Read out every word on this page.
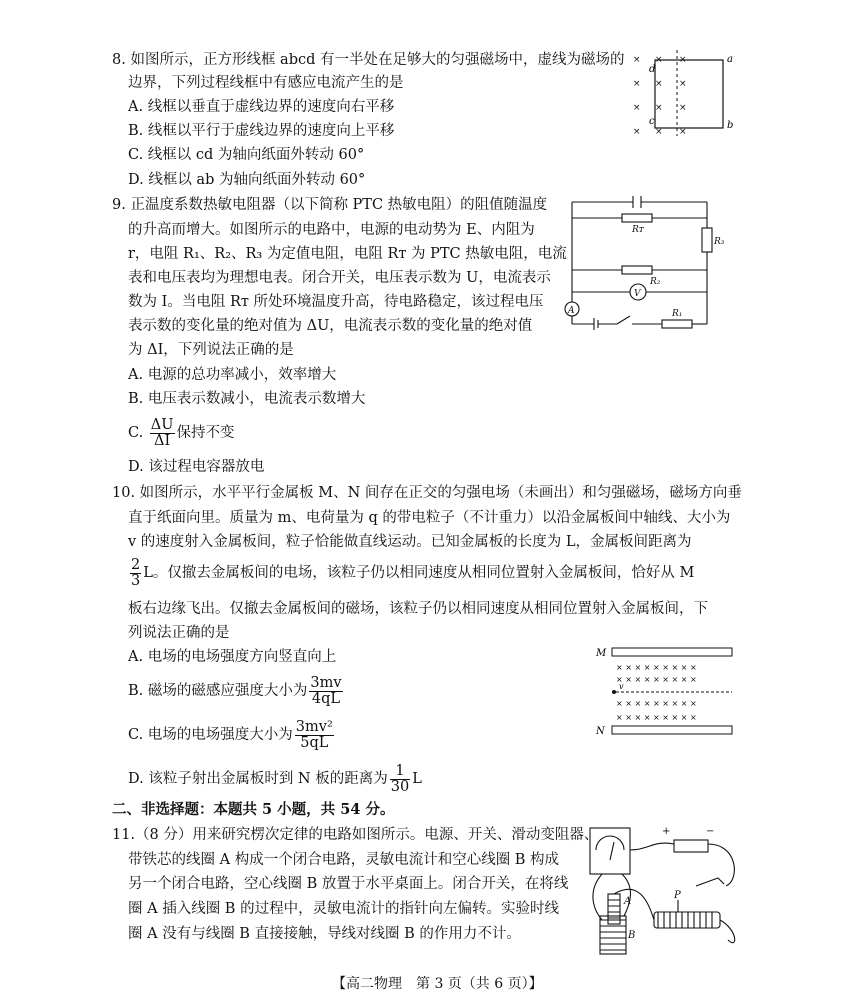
8. 如图所示，正方形线框 abcd 有一半处在足够大的匀强磁场中，虚线为磁场的
边界，下列过程线框中有感应电流产生的是
A. 线框以垂直于虚线边界的速度向右平移
B. 线框以平行于虚线边界的速度向上平移
C. 线框以 cd 为轴向纸面外转动 60°
D. 线框以 ab 为轴向纸面外转动 60°
× × ×
× × ×
× × ×
× × ×
a
b
c
d
9. 正温度系数热敏电阻器（以下简称 PTC 热敏电阻）的阻值随温度
的升高而增大。如图所示的电路中，电源的电动势为 E、内阻为
r，电阻 R₁、R₂、R₃ 为定值电阻，电阻 Rᴛ 为 PTC 热敏电阻，电流
表和电压表均为理想电表。闭合开关，电压表示数为 U，电流表示
数为 I。当电阻 Rᴛ 所处环境温度升高，待电路稳定，该过程电压
表示数的变化量的绝对值为 ΔU，电流表示数的变化量的绝对值
为 ΔI，下列说法正确的是
A. 电源的总功率减小，效率增大
B. 电压表示数减小，电流表示数增大
C. $\frac{\Delta U}{\Delta I}$ 保持不变
D. 该过程电容器放电
Rᴛ
R₃
R₂
R₁
V
A
10. 如图所示，水平平行金属板 M、N 间存在正交的匀强电场（未画出）和匀强磁场，磁场方向垂
直于纸面向里。质量为 m、电荷量为 q 的带电粒子（不计重力）以沿金属板间中轴线、大小为
v 的速度射入金属板间，粒子恰能做直线运动。已知金属板的长度为 L，金属板间距离为
$\frac{2}{3}$ L。仅撤去金属板间的电场，该粒子仍以相同速度从相同位置射入金属板间，恰好从 M
板右边缘飞出。仅撤去金属板间的磁场，该粒子仍以相同速度从相同位置射入金属板间，下
列说法正确的是
A. 电场的电场强度方向竖直向上
B. 磁场的磁感应强度大小为 $\frac{3mv}{4qL}$
C. 电场的电场强度大小为 $\frac{\text{3mv²}}{5qL}$
D. 该粒子射出金属板时到 N 板的距离为 $\frac{1}{30}$ L
M
N
× × × × × × × × ×
× × × × × × × × ×
× × × × × × × × ×
× × × × × × × × ×
v
二、非选择题：本题共 5 小题，共 54 分。
11.（8 分）用来研究楞次定律的电路如图所示。电源、开关、滑动变阻器、
带铁芯的线圈 A 构成一个闭合电路，灵敏电流计和空心线圈 B 构成
另一个闭合电路，空心线圈 B 放置于水平桌面上。闭合开关，在将线
圈 A 插入线圈 B 的过程中，灵敏电流计的指针向左偏转。实验时线
圈 A 没有与线圈 B 直接接触，导线对线圈 B 的作用力不计。
+	−
A
B
P
【高二物理　第 3 页（共 6 页）】
